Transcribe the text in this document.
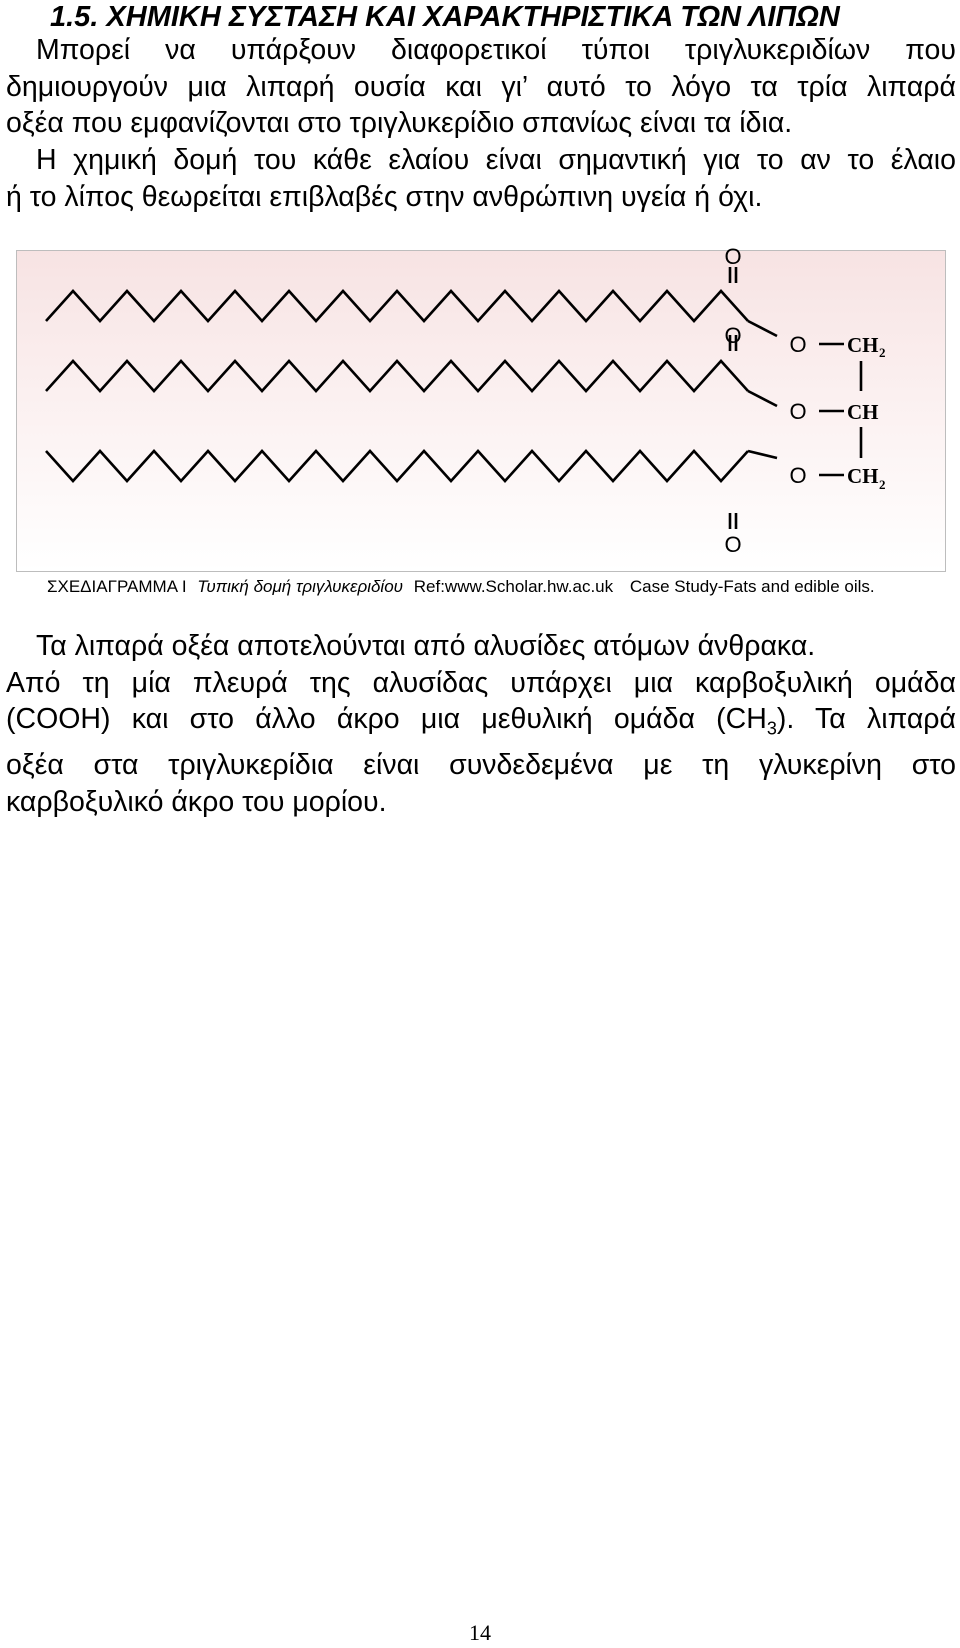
1.5. ΧΗΜΙΚΗ ΣΥΣΤΑΣΗ ΚΑΙ ΧΑΡΑΚΤΗΡΙΣΤΙΚΑ ΤΩΝ ΛΙΠΩΝ

Μπορεί να υπάρξουν διαφορετικοί τύποι τριγλυκεριδίων που
δημιουργούν μια λιπαρή ουσία και γι’ αυτό το λόγο τα τρία λιπαρά
οξέα που εμφανίζονται στο τριγλυκερίδιο σπανίως είναι τα ίδια.

Η χημική δομή του κάθε ελαίου είναι σημαντική για το αν το έλαιο
ή το λίπος θεωρείται επιβλαβές στην ανθρώπινη υγεία ή όχι.

O
O
O
O
O
O
CH 2
CH
CH 2
ΣΧΕΔΙΑΓΡΑΜΜΑ Ι Τυπική δομή τριγλυκεριδίου Ref:www.Scholar.hw.ac.uk Case Study-Fats and edible oils.

Τα λιπαρά οξέα αποτελούνται από αλυσίδες ατόμων άνθρακα.
Από τη μία πλευρά της αλυσίδας υπάρχει μια καρβοξυλική ομάδα
(COOH) και στο άλλο άκρο μια μεθυλική ομάδα $(CH_3)$. Τα λιπαρά
οξέα στα τριγλυκερίδια είναι συνδεδεμένα με τη γλυκερίνη στο
καρβοξυλικό άκρο του μορίου.

14
